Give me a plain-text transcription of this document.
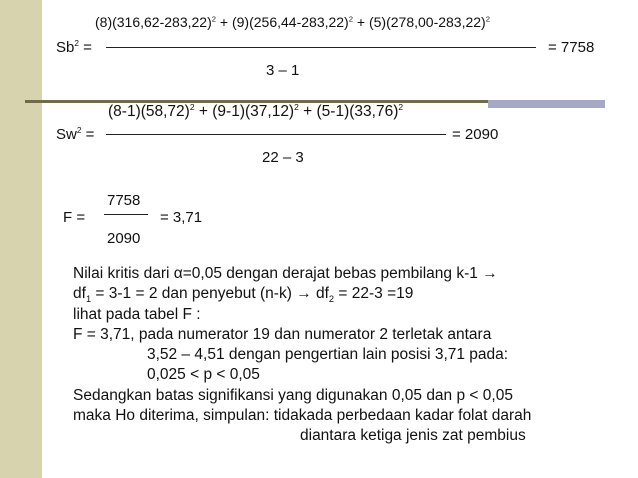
$(8)(316,62-283,22)^2 + (9)(256,44-283,22)^2 + (5)(278,00-283,22)^2$
$Sb^2$ =	= 7758
3 – 1
$(8-1)(58,72)^2 + (9-1)(37,12)^2 + (5-1)(33,76)^2$
$Sw^2$ =	= 2090
22 – 3
7758
F =	= 3,71
2090
Nilai kritis dari α=0,05 dengan derajat bebas pembilang k-1 →
$df_1 = 3-1 = 2$ dan penyebut $(n-k) \to df_2 = 22-3 =19$
lihat pada tabel F :
F = 3,71, pada numerator 19 dan numerator 2 terletak antara
3,52 – 4,51 dengan pengertian lain posisi 3,71 pada:
0,025 < p < 0,05
Sedangkan batas signifikansi yang digunakan 0,05 dan p < 0,05
maka Ho diterima, simpulan: tidakada perbedaan kadar folat darah
diantara ketiga jenis zat pembius
